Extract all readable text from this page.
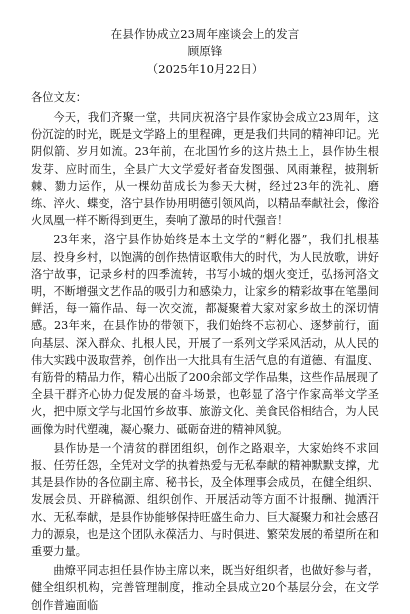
在县作协成立23周年座谈会上的发言
顾原锋
（2025年10月22日）
各位文友：

今天，我们齐聚一堂，共同庆祝洛宁县作家协会成立23周年，这份沉淀的时光，既是文学路上的里程碑，更是我们共同的精神印记。光阴似箭、岁月如流。23年前，在北国竹乡的这片热土上，县作协生根发芽、应时而生，全县广大文学爱好者奋发图强、风雨兼程，披荆斩棘、勠力运作，从一棵幼苗成长为参天大树，经过23年的洗礼、磨练、淬火、蝶变，洛宁县作协用明德引领风尚，以精品奉献社会，像浴火凤凰一样不断得到更生，奏响了激昂的时代强音！

23年来，洛宁县作协始终是本土文学的“孵化器”，我们扎根基层、投身乡村，以饱满的创作热情讴歌伟大的时代，为人民放歌，讲好洛宁故事，记录乡村的四季流转，书写小城的烟火变迁，弘扬河洛文明，不断增强文艺作品的吸引力和感染力，让家乡的精彩故事在笔墨间鲜活，每一篇作品、每一次交流，都凝聚着大家对家乡故土的深切情感。23年来，在县作协的带领下，我们始终不忘初心、逐梦前行，面向基层、深入群众、扎根人民，开展了一系列文学采风活动，从人民的伟大实践中汲取营养，创作出一大批具有生活气息的有道德、有温度、有筋骨的精品力作，精心出版了200余部文学作品集，这些作品展现了全县干群齐心协力促发展的奋斗场景，也彰显了洛宁作家高举文学圣火，把中原文学与北国竹乡故事、旅游文化、美食民俗相结合，为人民画像为时代塑魂，凝心聚力、砥砺奋进的精神风貌。

县作协是一个清贫的群团组织，创作之路艰辛，大家始终不求回报、任劳任怨，全凭对文学的执着热爱与无私奉献的精神默默支撑，尤其是县作协的各位副主席、秘书长，及全体理事会成员，在健全组织、发展会员、开辟稿源、组织创作、开展活动等方面不计报酬、抛洒汗水、无私奉献，是县作协能够保持旺盛生命力、巨大凝聚力和社会感召力的源泉，也是这个团队永葆活力、与时俱进、繁荣发展的希望所在和重要力量。

曲燎平同志担任县作协主席以来，既当好组织者，也做好参与者，健全组织机构，完善管理制度，推动全县成立20个基层分会，在文学创作普遍面临
